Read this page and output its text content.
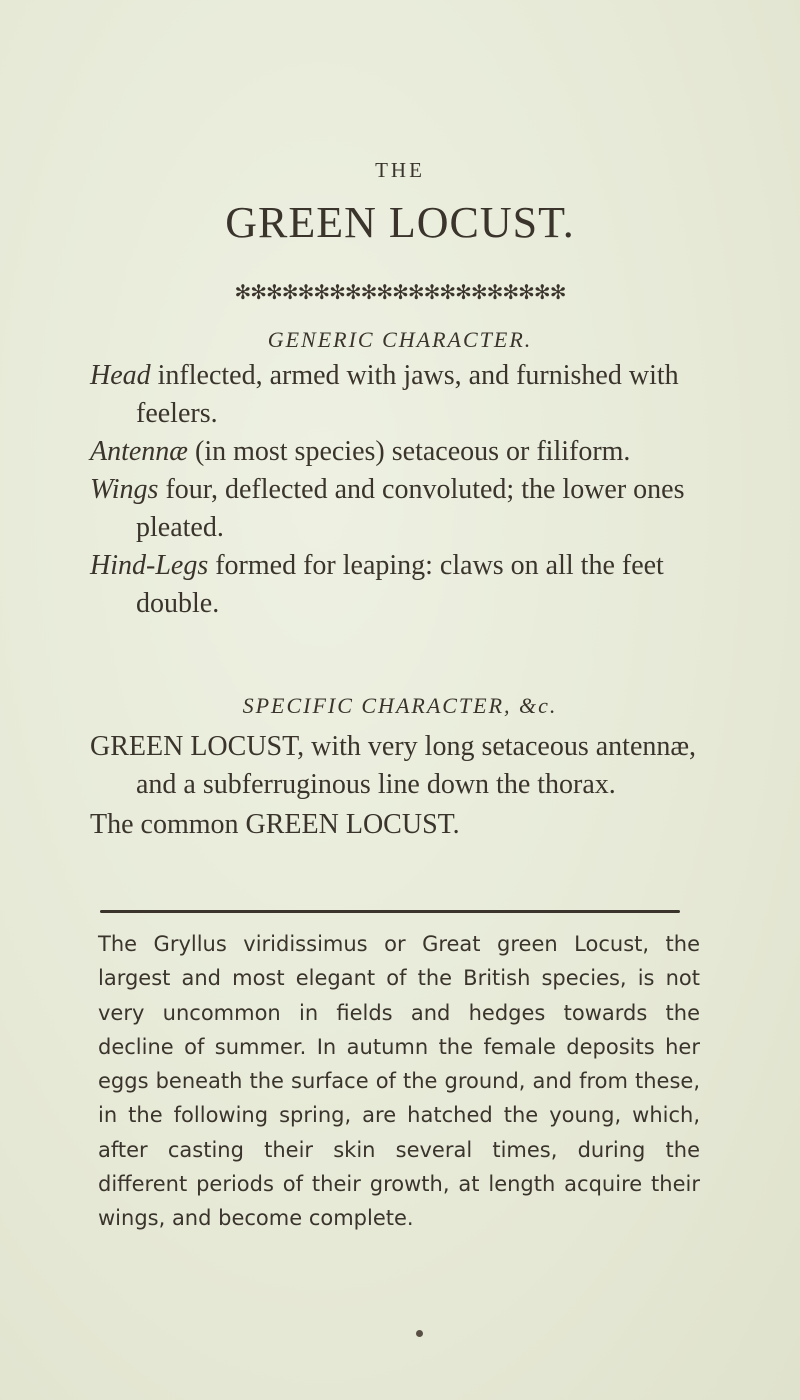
THE
GREEN LOCUST.
✻✻✻✻✻✻✻✻✻✻✻✻✻✻✻✻✻✻✻✻✻
GENERIC CHARACTER.
Head inflected, armed with jaws, and furnished with feelers.
Antennæ (in most species) setaceous or filiform.
Wings four, deflected and convoluted; the lower ones pleated.
Hind-Legs formed for leaping: claws on all the feet double.
SPECIFIC CHARACTER, &c.
GREEN LOCUST, with very long setaceous antennæ, and a subferruginous line down the thorax.
The common GREEN LOCUST.
The Gryllus viridissimus or Great green Locust, the largest and most elegant of the British species, is not very uncommon in fields and hedges towards the decline of summer. In autumn the female deposits her eggs beneath the surface of the ground, and from these, in the following spring, are hatched the young, which, after casting their skin several times, during the different periods of their growth, at length acquire their wings, and become complete.
